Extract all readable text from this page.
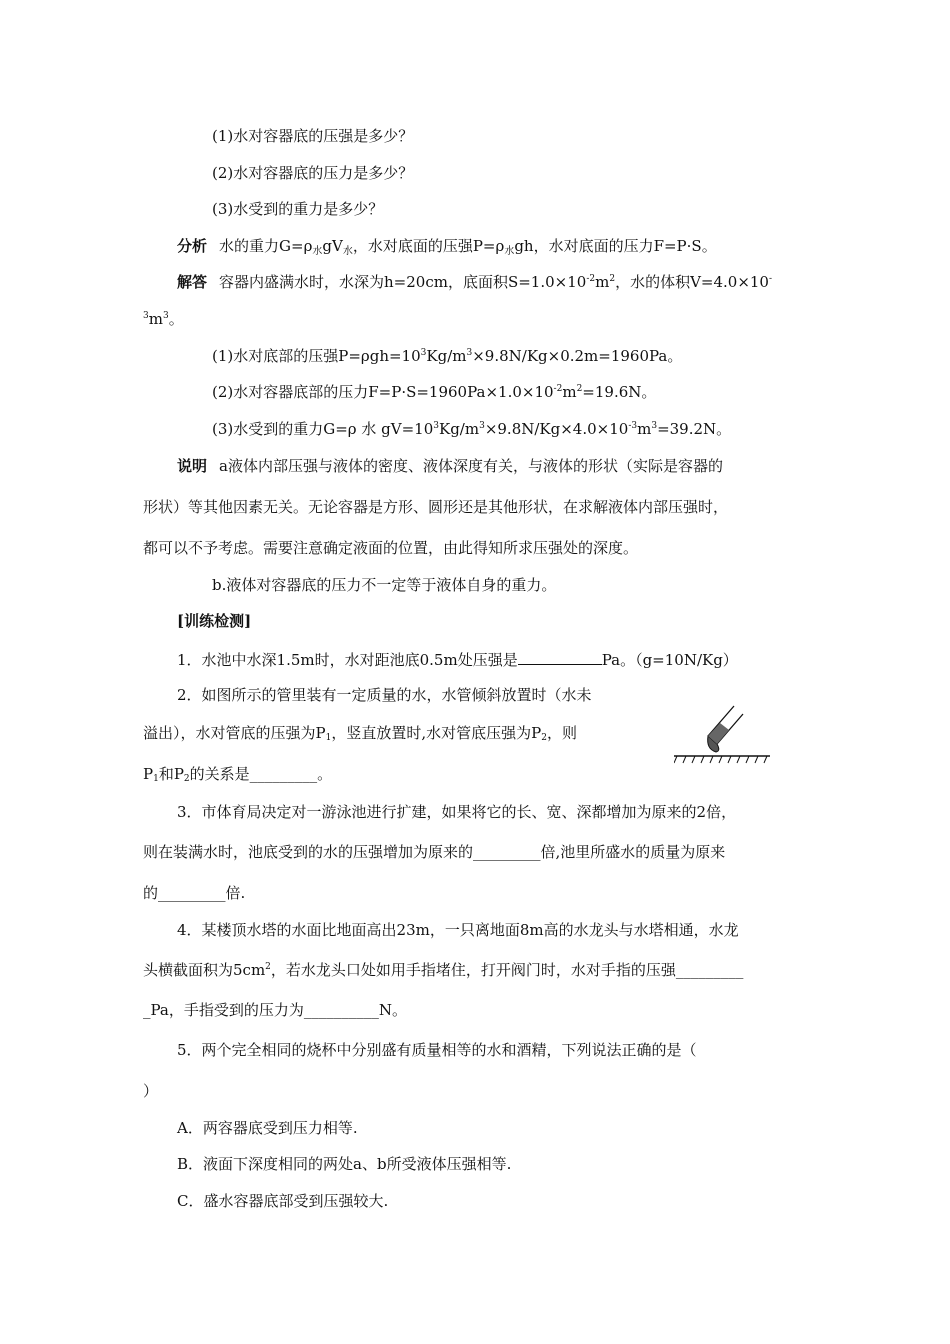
(1)水对容器底的压强是多少？
(2)水对容器底的压力是多少？
(3)水受到的重力是多少？
分析 水的重力$G=\rho_水gV_水$，水对底面的压强$P=\rho_水gh$，水对底面的压力F=P·S。
解答 容器内盛满水时，水深为h=20cm，底面积$S=1.0\times 10^{-2}m^2$，水的体积V=4.0×10-
$^3m^3$。
(1)水对底部的压强$P=\rho gh=10^3Kg/m^3\times 9.8N/Kg\times 0.2m=1960Pa$。
(2)水对容器底部的压力$F=P\cdot S=1960Pa\times 1.0\times 10^{-2}m^2=19.6N$。
(3)水受到的重力G=ρ 水 $gV=10^3Kg/m^3\times 9.8N/Kg\times 4.0\times 10^{-3}m^3=39.2N$。
说明 a液体内部压强与液体的密度、液体深度有关，与液体的形状（实际是容器的
形状）等其他因素无关。无论容器是方形、圆形还是其他形状，在求解液体内部压强时，
都可以不予考虑。需要注意确定液面的位置，由此得知所求压强处的深度。
b.液体对容器底的压力不一定等于液体自身的重力。
[训练检测]
1．水池中水深1.5m时，水对距池底0.5m处压强是	Pa。（g=10N/Kg）
2．如图所示的管里装有一定质量的水，水管倾斜放置时（水未
溢出），水对管底的压强为$P_1$，竖直放置时,水对管底压强为$P_2$，则
$P_1$和$P_2$的关系是_________。
3．市体育局决定对一游泳池进行扩建，如果将它的长、宽、深都增加为原来的2倍，
则在装满水时，池底受到的水的压强增加为原来的_________倍,池里所盛水的质量为原来
的_________倍.
4．某楼顶水塔的水面比地面高出23m，一只离地面8m高的水龙头与水塔相通，水龙
头横截面积为$5cm^2$，若水龙头口处如用手指堵住，打开阀门时，水对手指的压强_________
_Pa，手指受到的压力为__________N。
5．两个完全相同的烧杯中分别盛有质量相等的水和酒精，下列说法正确的是（
）
A．两容器底受到压力相等.
B．液面下深度相同的两处a、b所受液体压强相等.
C．盛水容器底部受到压强较大.
